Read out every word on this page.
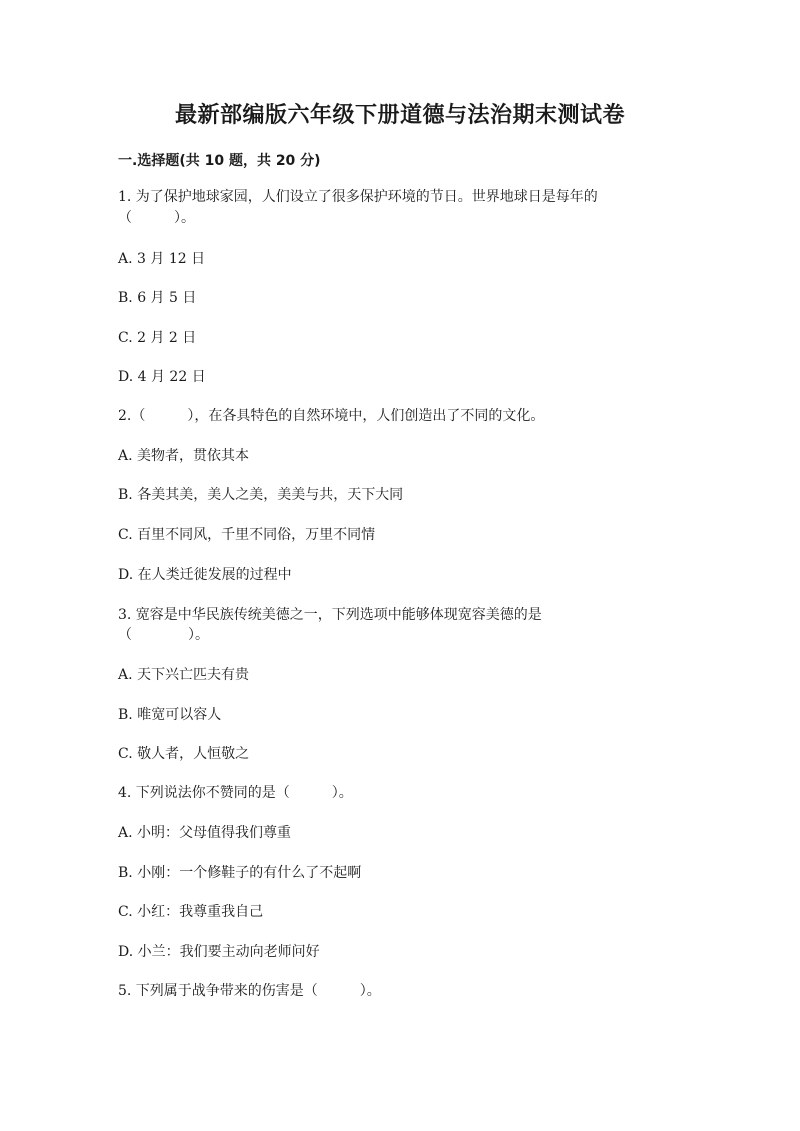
最新部编版六年级下册道德与法治期末测试卷
一.选择题(共 10 题，共 20 分)
1. 为了保护地球家园，人们设立了很多保护环境的节日。世界地球日是每年的
（　　　）。
A. 3 月 12 日
B. 6 月 5 日
C. 2 月 2 日
D. 4 月 22 日
2.（　　　），在各具特色的自然环境中，人们创造出了不同的文化。
A. 美物者，贯依其本
B. 各美其美，美人之美，美美与共，天下大同
C. 百里不同风，千里不同俗，万里不同情
D. 在人类迁徙发展的过程中
3. 宽容是中华民族传统美德之一，下列选项中能够体现宽容美德的是
（　　　　）。
A. 天下兴亡匹夫有贵
B. 唯宽可以容人
C. 敬人者，人恒敬之
4. 下列说法你不赞同的是（　　　）。
A. 小明：父母值得我们尊重
B. 小刚：一个修鞋子的有什么了不起啊
C. 小红：我尊重我自己
D. 小兰：我们要主动向老师问好
5. 下列属于战争带来的伤害是（　　　）。
